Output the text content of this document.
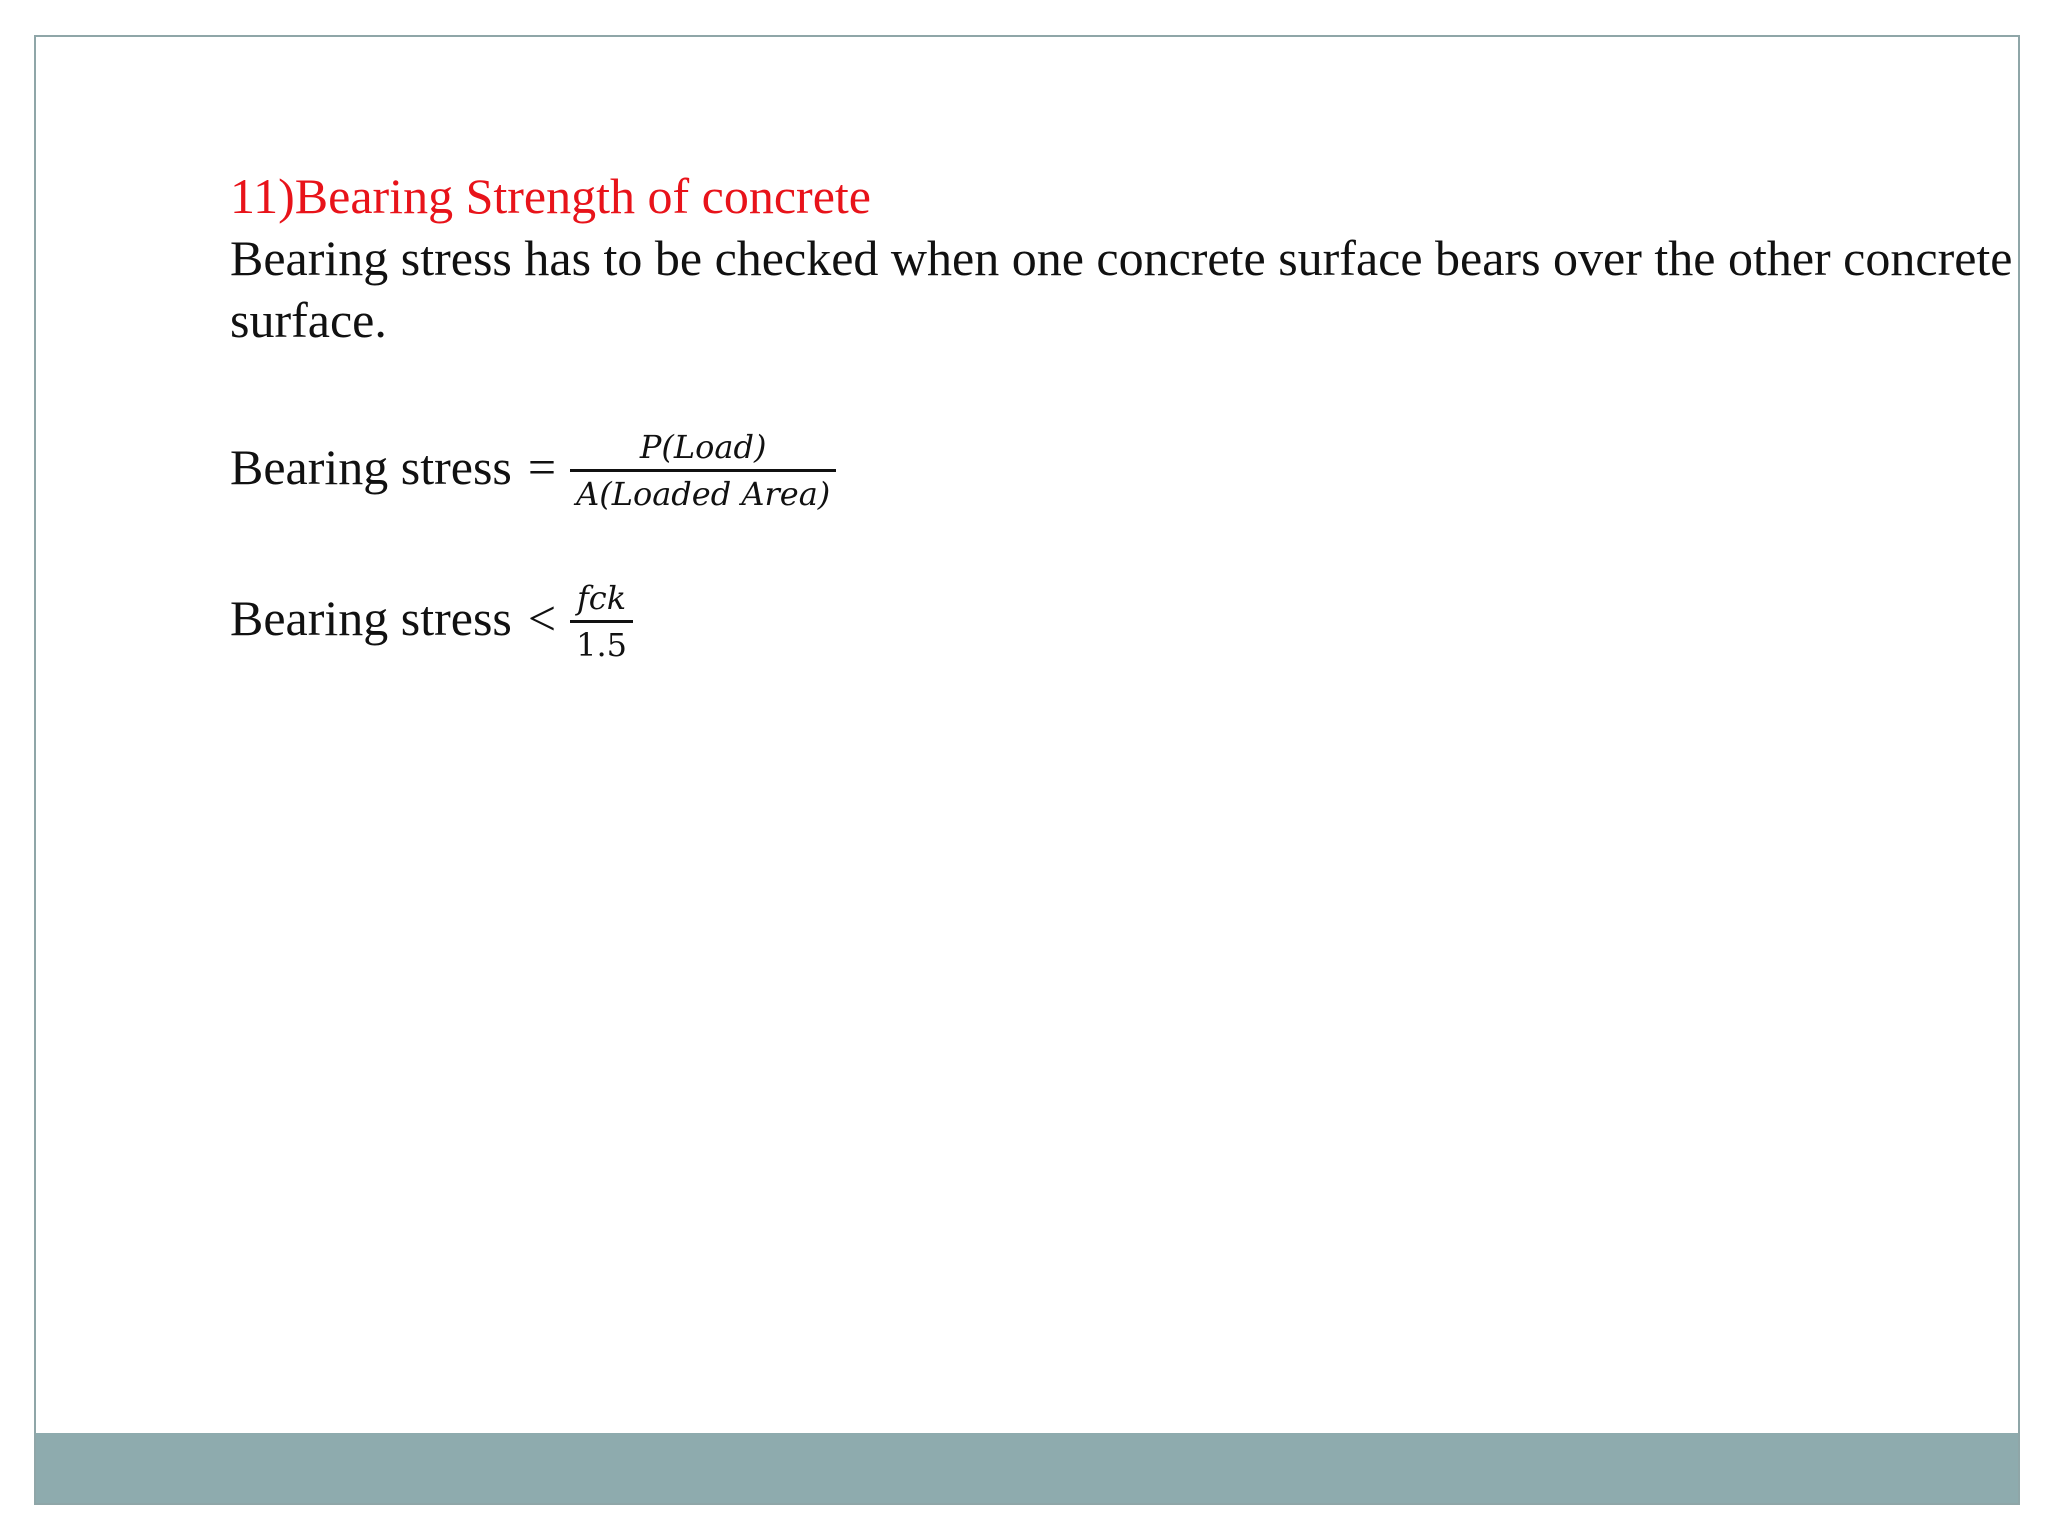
11)Bearing Strength of concrete

Bearing stress has to be checked when one concrete surface bears over the other concrete surface.

Bearing stress = $\frac{\text{P(Load)}}{\text{A(Loaded Area)}}$
Bearing stress < $\frac{\text{fck}}{1.5}$
